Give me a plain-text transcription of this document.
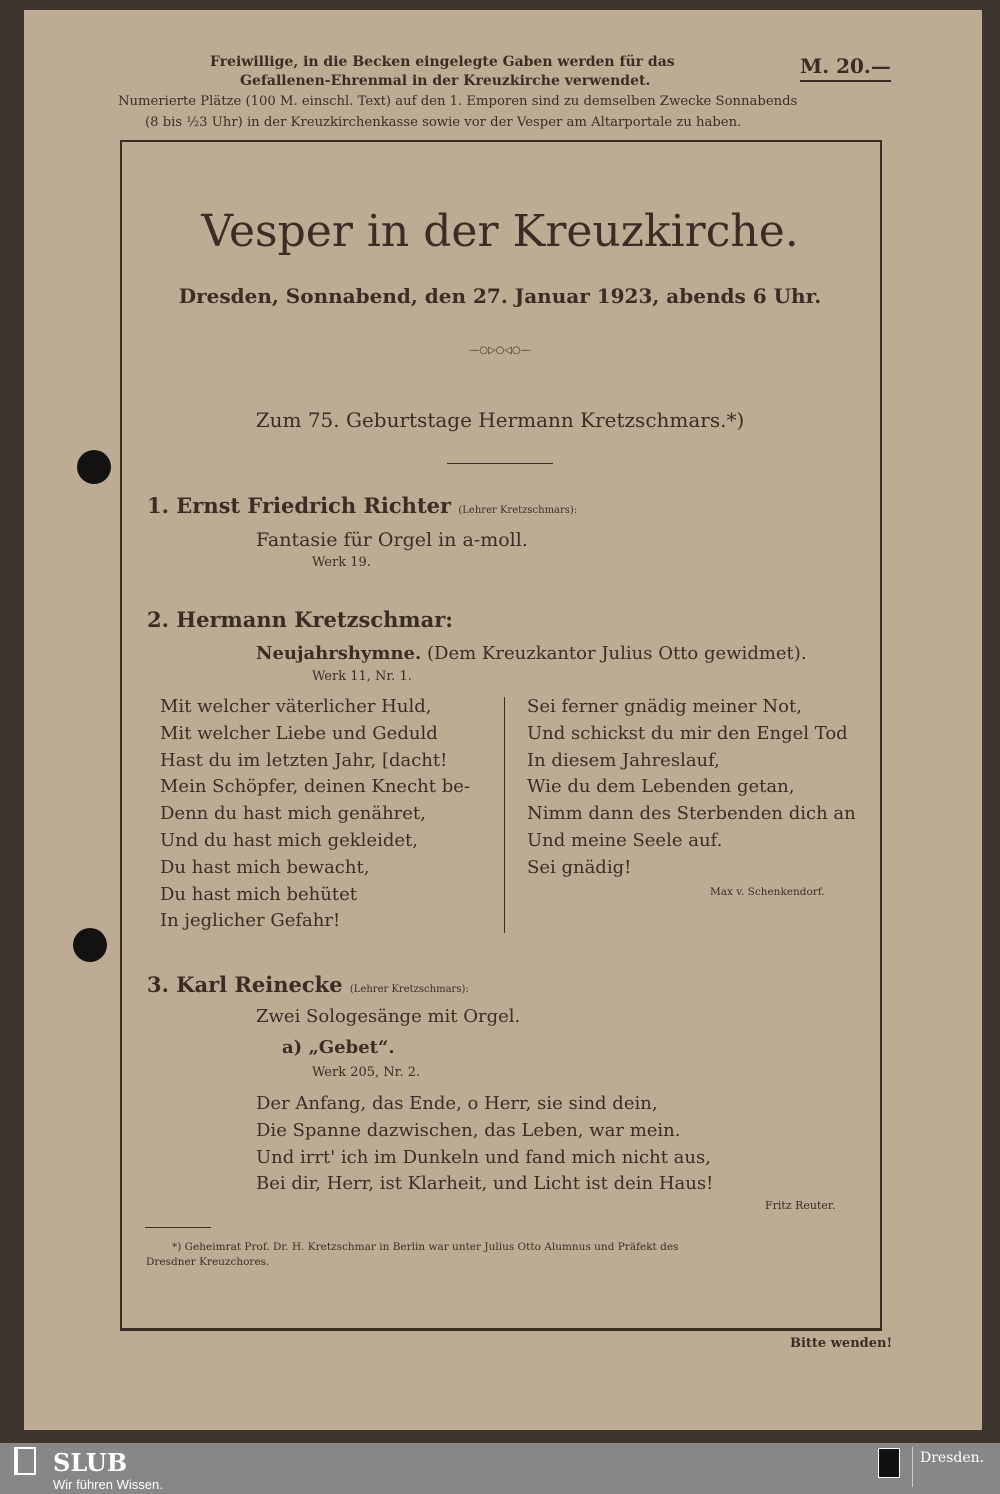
Freiwillige, in die Becken eingelegte Gaben werden für das
Gefallenen-Ehrenmal in der Kreuzkirche verwendet.
M. 20.—
Numerierte Plätze (100 M. einschl. Text) auf den 1. Emporen sind zu demselben Zwecke Sonnabends
(8 bis ½3 Uhr) in der Kreuzkirchenkasse sowie vor der Vesper am Altarportale zu haben.
Vesper in der Kreuzkirche.
Dresden, Sonnabend, den 27. Januar 1923, abends 6 Uhr.
—○▷○◁○—
Zum 75. Geburtstage Hermann Kretzschmars.*)
1. Ernst Friedrich Richter (Lehrer Kretzschmars):
Fantasie für Orgel in a-moll.
Werk 19.
2. Hermann Kretzschmar:
Neujahrshymne. (Dem Kreuzkantor Julius Otto gewidmet).
Werk 11, Nr. 1.
Mit welcher väterlicher Huld,
Mit welcher Liebe und Geduld
Hast du im letzten Jahr, [dacht!
Mein Schöpfer, deinen Knecht be-
Denn du hast mich genähret,
Und du hast mich gekleidet,
Du hast mich bewacht,
Du hast mich behütet
In jeglicher Gefahr!
Sei ferner gnädig meiner Not,
Und schickst du mir den Engel Tod
In diesem Jahreslauf,
Wie du dem Lebenden getan,
Nimm dann des Sterbenden dich an
Und meine Seele auf.
Sei gnädig!
Max v. Schenkendorf.
3. Karl Reinecke (Lehrer Kretzschmars):
Zwei Sologesänge mit Orgel.
a) „Gebet“.
Werk 205, Nr. 2.
Der Anfang, das Ende, o Herr, sie sind dein,
Die Spanne dazwischen, das Leben, war mein.
Und irrt' ich im Dunkeln und fand mich nicht aus,
Bei dir, Herr, ist Klarheit, und Licht ist dein Haus!
Fritz Reuter.
*) Geheimrat Prof. Dr. H. Kretzschmar in Berlin war unter Julius Otto Alumnus und Präfekt des
Dresdner Kreuzchores.
Bitte wenden!
SLUB
Wir führen Wissen.
Dresden.
